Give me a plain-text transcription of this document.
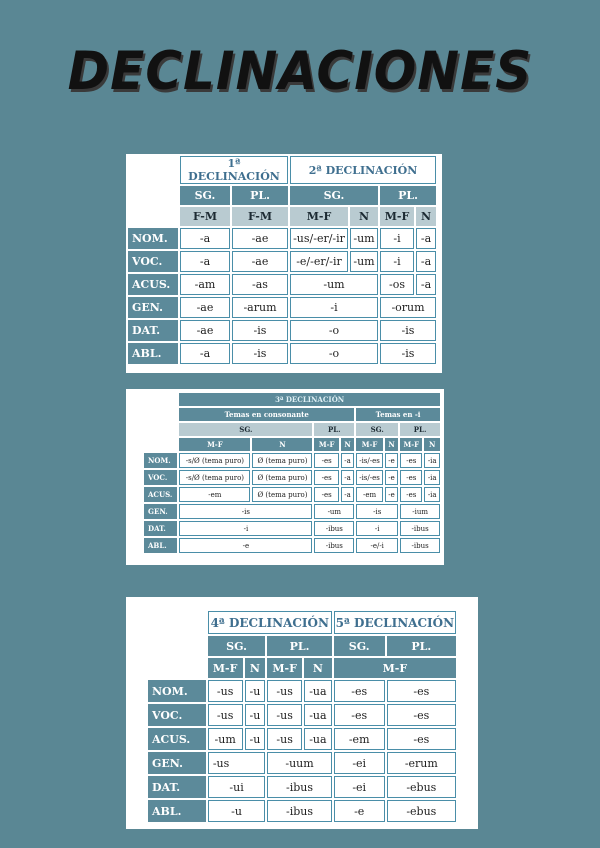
DECLINACIONES
	1ª DECLINACIÓN		2ª DECLINACIÓN			
	SG.	PL.	SG.		PL.	
	F-M	F-M	M-F	N	M-F	N
NOM.	-a	-ae	-us/-er/-ir	-um	-i	-a
VOC.	-a	-ae	-e/-er/-ir	-um	-i	-a
ACUS.	-am	-as	-um		-os	-a
GEN.	-ae	-arum	-i		-orum	
DAT.	-ae	-is	-o		-is	
ABL.	-a	-is	-o		-is	
	3ª DECLINACIÓN							
	Temas en consonante				Temas en -i			
	SG.		PL.		SG.		PL.	
	M-F	N	M-F	N	M-F	N	M-F	N
NOM.	-s/Ø (tema puro)	Ø (tema puro)	-es	-a	-is/-es	-e	-es	-ia
VOC.	-s/Ø (tema puro)	Ø (tema puro)	-es	-a	-is/-es	-e	-es	-ia
ACUS.	-em	Ø (tema puro)	-es	-a	-em	-e	-es	-ia
GEN.	-is		-um		-is		-ium	
DAT.	-i		-ibus		-i		-ibus	
ABL.	-e		-ibus		-e/-i		-ibus	
	4ª DECLINACIÓN				5ª DECLINACIÓN	
	SG.		PL.		SG.	PL.
	M-F	N	M-F	N	M-F	
NOM.	-us	-u	-us	-ua	-es	-es
VOC.	-us	-u	-us	-ua	-es	-es
ACUS.	-um	-u	-us	-ua	-em	-es
GEN.	-us		-uum		-ei	-erum
DAT.	-ui		-ibus		-ei	-ebus
ABL.	-u		-ibus		-e	-ebus
